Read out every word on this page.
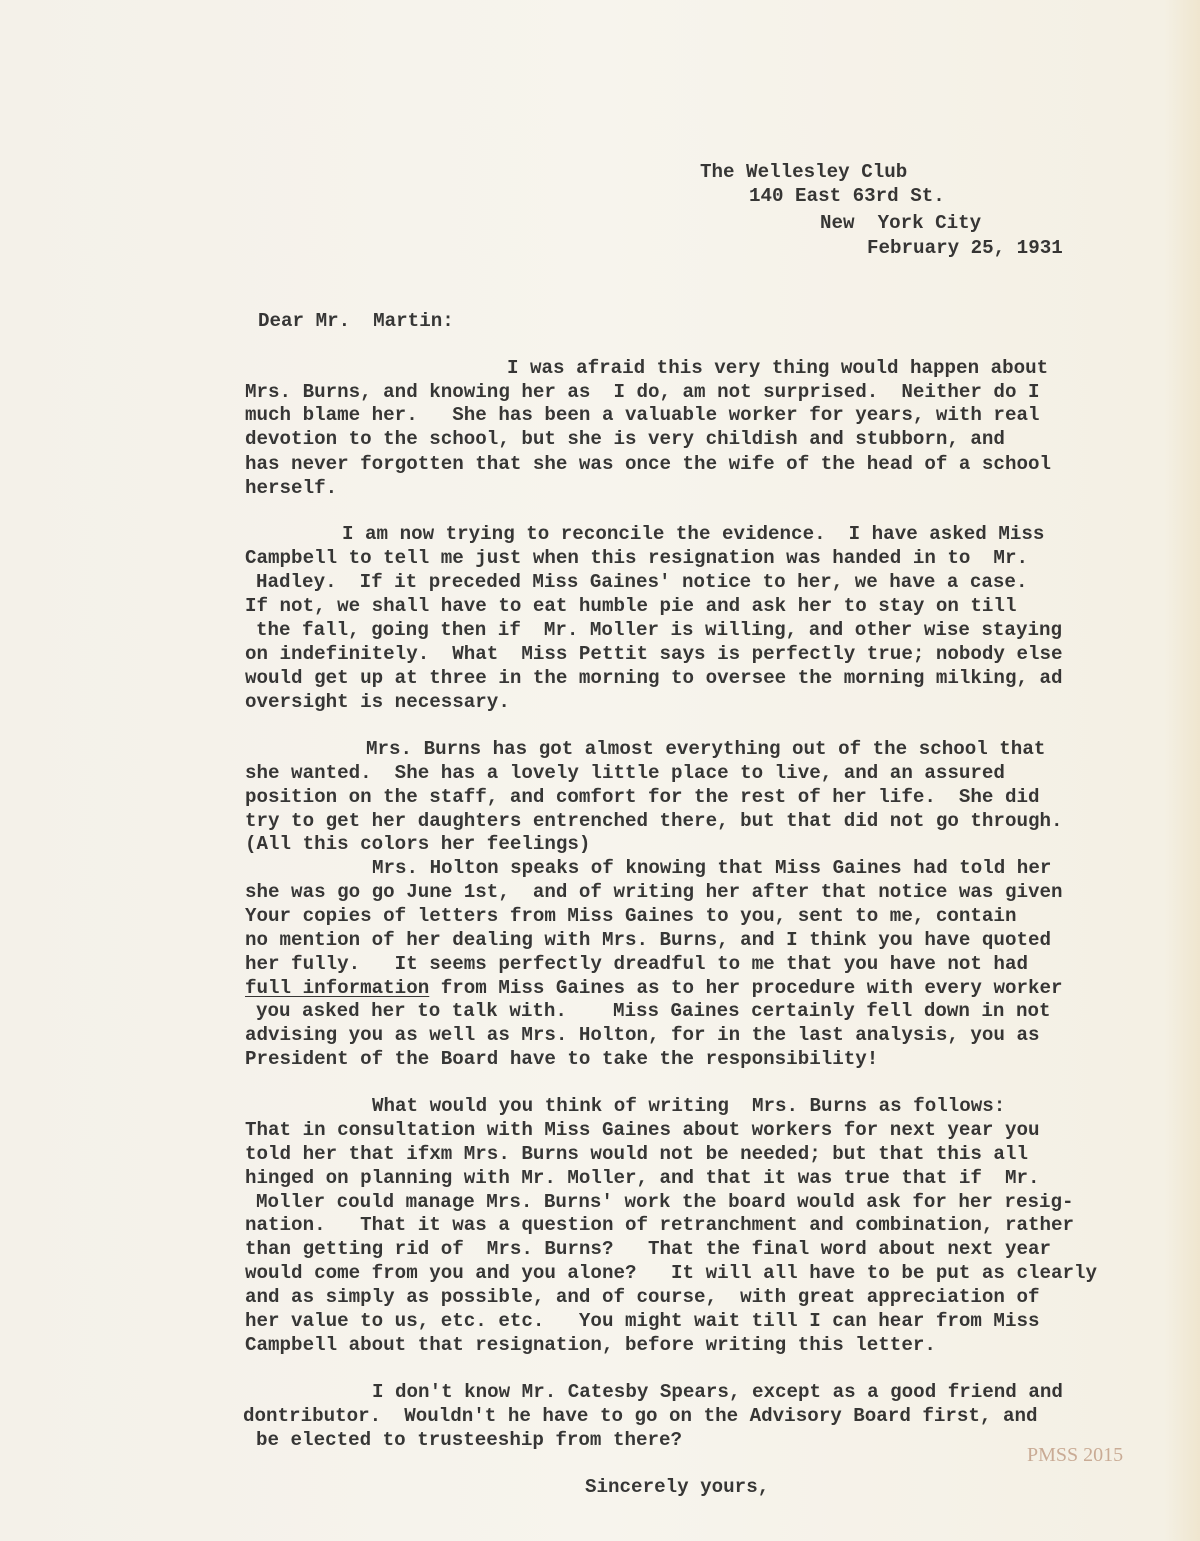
The Wellesley Club
140 East 63rd St.
New  York City
February 25, 1931
Dear Mr.  Martin:
I was afraid this very thing would happen about
Mrs. Burns, and knowing her as  I do, am not surprised.  Neither do I
much blame her.   She has been a valuable worker for years, with real
devotion to the school, but she is very childish and stubborn, and
has never forgotten that she was once the wife of the head of a school
herself.
I am now trying to reconcile the evidence.  I have asked Miss
Campbell to tell me just when this resignation was handed in to  Mr.
Hadley.  If it preceded Miss Gaines' notice to her, we have a case.
If not, we shall have to eat humble pie and ask her to stay on till
the fall, going then if  Mr. Moller is willing, and other wise staying
on indefinitely.  What  Miss Pettit says is perfectly true; nobody else
would get up at three in the morning to oversee the morning milking, ad
oversight is necessary.
Mrs. Burns has got almost everything out of the school that
she wanted.  She has a lovely little place to live, and an assured
position on the staff, and comfort for the rest of her life.  She did
try to get her daughters entrenched there, but that did not go through.
(All this colors her feelings)
Mrs. Holton speaks of knowing that Miss Gaines had told her
she was go go June 1st,  and of writing her after that notice was given
Your copies of letters from Miss Gaines to you, sent to me, contain
no mention of her dealing with Mrs. Burns, and I think you have quoted
her fully.   It seems perfectly dreadful to me that you have not had
full information from Miss Gaines as to her procedure with every worker
you asked her to talk with.    Miss Gaines certainly fell down in not
advising you as well as Mrs. Holton, for in the last analysis, you as
President of the Board have to take the responsibility!
What would you think of writing  Mrs. Burns as follows:
That in consultation with Miss Gaines about workers for next year you
told her that ifxm Mrs. Burns would not be needed; but that this all
hinged on planning with Mr. Moller, and that it was true that if  Mr.
Moller could manage Mrs. Burns' work the board would ask for her resig-
nation.   That it was a question of retranchment and combination, rather
than getting rid of  Mrs. Burns?   That the final word about next year
would come from you and you alone?   It will all have to be put as clearly
and as simply as possible, and of course,  with great appreciation of
her value to us, etc. etc.   You might wait till I can hear from Miss
Campbell about that resignation, before writing this letter.
I don't know Mr. Catesby Spears, except as a good friend and
dontributor.  Wouldn't he have to go on the Advisory Board first, and
be elected to trusteeship from there?
Sincerely yours,
PMSS 2015
